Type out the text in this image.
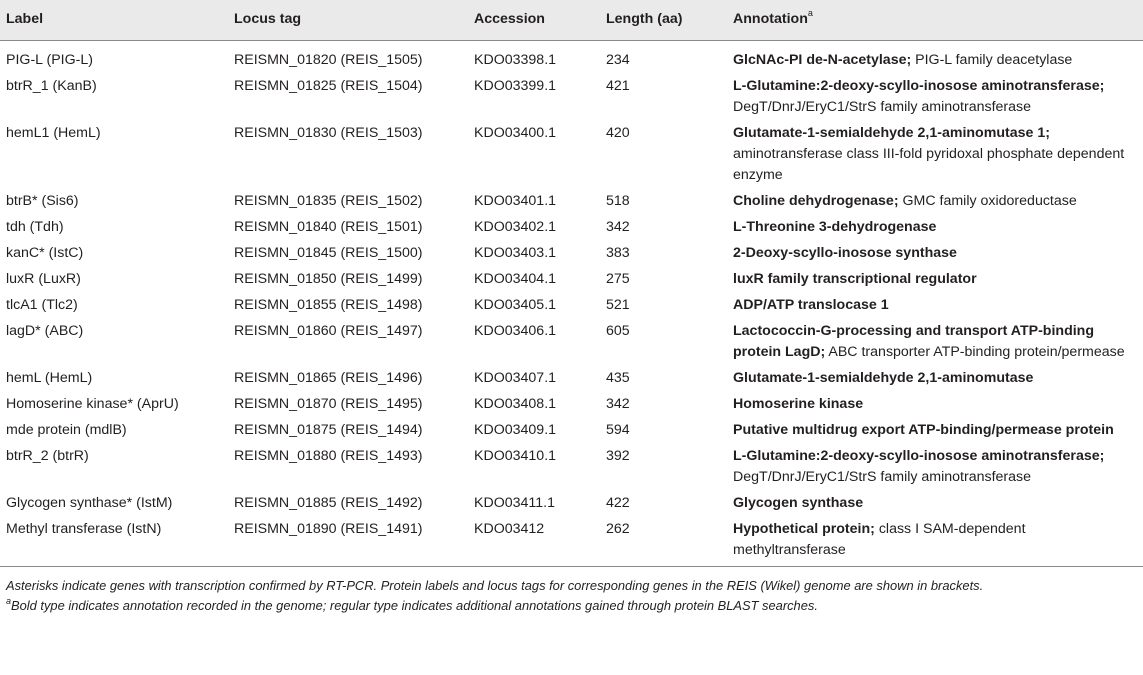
Label	Locus tag	Accession	Length (aa)	Annotation$^a$
PIG-L (PIG-L)	REISMN_01820 (REIS_1505)	KDO03398.1	234	GlcNAc-PI de-N-acetylase; PIG-L family deacetylase
btrR_1 (KanB)	REISMN_01825 (REIS_1504)	KDO03399.1	421	L-Glutamine:2-deoxy-scyllo-inosose aminotransferase; DegT/DnrJ/EryC1/StrS family aminotransferase
hemL1 (HemL)	REISMN_01830 (REIS_1503)	KDO03400.1	420	Glutamate-1-semialdehyde 2,1-aminomutase 1; aminotransferase class III-fold pyridoxal phosphate dependent enzyme
btrB* (Sis6)	REISMN_01835 (REIS_1502)	KDO03401.1	518	Choline dehydrogenase; GMC family oxidoreductase
tdh (Tdh)	REISMN_01840 (REIS_1501)	KDO03402.1	342	L-Threonine 3-dehydrogenase
kanC* (IstC)	REISMN_01845 (REIS_1500)	KDO03403.1	383	2-Deoxy-scyllo-inosose synthase
luxR (LuxR)	REISMN_01850 (REIS_1499)	KDO03404.1	275	luxR family transcriptional regulator
tlcA1 (Tlc2)	REISMN_01855 (REIS_1498)	KDO03405.1	521	ADP/ATP translocase 1
lagD* (ABC)	REISMN_01860 (REIS_1497)	KDO03406.1	605	Lactococcin-G-processing and transport ATP-binding protein LagD; ABC transporter ATP-binding protein/permease
hemL (HemL)	REISMN_01865 (REIS_1496)	KDO03407.1	435	Glutamate-1-semialdehyde 2,1-aminomutase
Homoserine kinase* (AprU)	REISMN_01870 (REIS_1495)	KDO03408.1	342	Homoserine kinase
mde protein (mdlB)	REISMN_01875 (REIS_1494)	KDO03409.1	594	Putative multidrug export ATP-binding/permease protein
btrR_2 (btrR)	REISMN_01880 (REIS_1493)	KDO03410.1	392	L-Glutamine:2-deoxy-scyllo-inosose aminotransferase; DegT/DnrJ/EryC1/StrS family aminotransferase
Glycogen synthase* (IstM)	REISMN_01885 (REIS_1492)	KDO03411.1	422	Glycogen synthase
Methyl transferase (IstN)	REISMN_01890 (REIS_1491)	KDO03412	262	Hypothetical protein; class I SAM-dependent methyltransferase
Asterisks indicate genes with transcription confirmed by RT-PCR. Protein labels and locus tags for corresponding genes in the REIS (Wikel) genome are shown in brackets.
$^a$Bold type indicates annotation recorded in the genome; regular type indicates additional annotations gained through protein BLAST searches.
